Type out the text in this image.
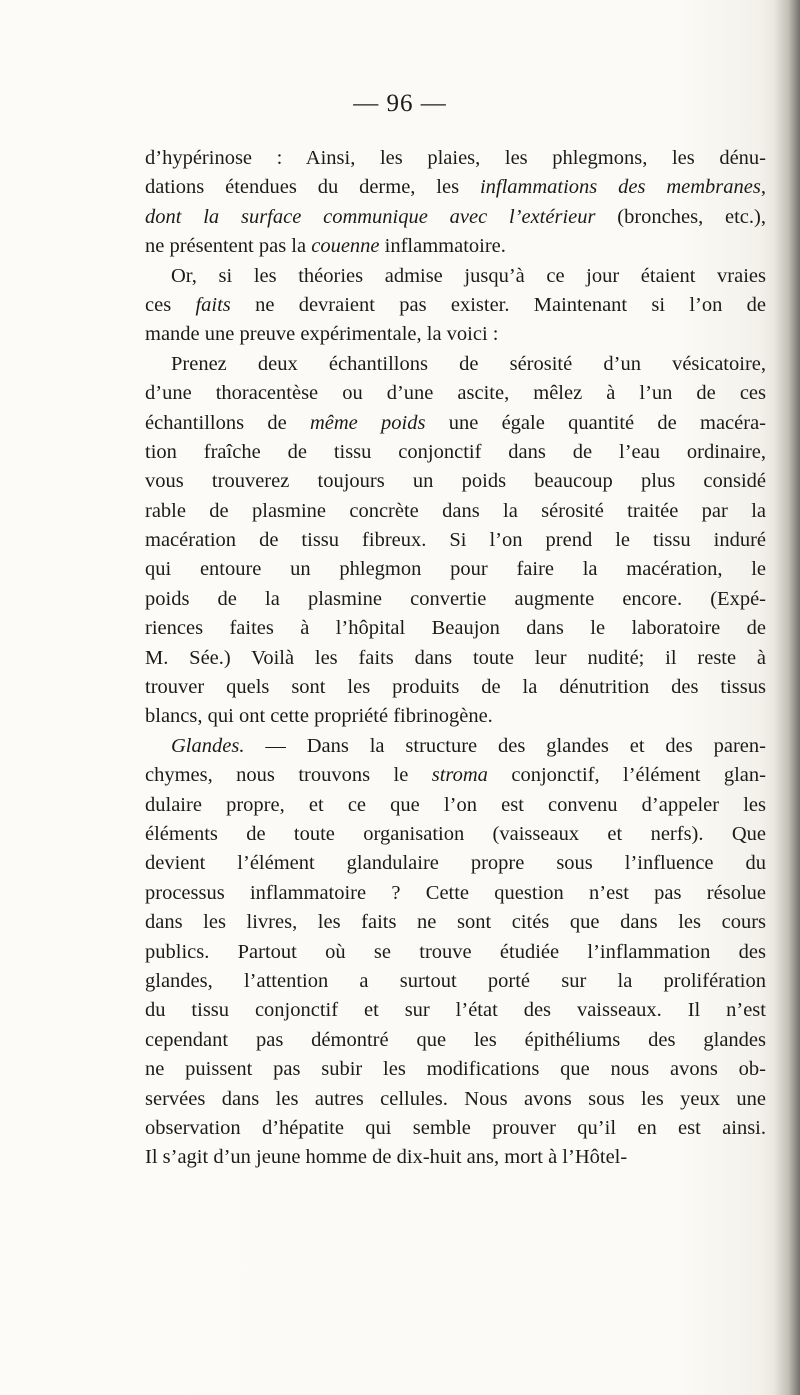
— 96 —
d’hypérinose : Ainsi, les plaies, les phlegmons, les dénu-
dations étendues du derme, les inflammations des membranes,
dont la surface communique avec l’extérieur (bronches, etc.),
ne présentent pas la couenne inflammatoire.
Or, si les théories admise jusqu’à ce jour étaient vraies
ces faits ne devraient pas exister. Maintenant si l’on de
mande une preuve expérimentale, la voici :
Prenez deux échantillons de sérosité d’un vésicatoire,
d’une thoracentèse ou d’une ascite, mêlez à l’un de ces
échantillons de même poids une égale quantité de macéra-
tion fraîche de tissu conjonctif dans de l’eau ordinaire,
vous trouverez toujours un poids beaucoup plus considé
rable de plasmine concrète dans la sérosité traitée par la
macération de tissu fibreux. Si l’on prend le tissu induré
qui entoure un phlegmon pour faire la macération, le
poids de la plasmine convertie augmente encore. (Expé-
riences faites à l’hôpital Beaujon dans le laboratoire de
M. Sée.) Voilà les faits dans toute leur nudité; il reste à
trouver quels sont les produits de la dénutrition des tissus
blancs, qui ont cette propriété fibrinogène.
Glandes. — Dans la structure des glandes et des paren-
chymes, nous trouvons le stroma conjonctif, l’élément glan-
dulaire propre, et ce que l’on est convenu d’appeler les
éléments de toute organisation (vaisseaux et nerfs). Que
devient l’élément glandulaire propre sous l’influence du
processus inflammatoire ? Cette question n’est pas résolue
dans les livres, les faits ne sont cités que dans les cours
publics. Partout où se trouve étudiée l’inflammation des
glandes, l’attention a surtout porté sur la prolifération
du tissu conjonctif et sur l’état des vaisseaux. Il n’est
cependant pas démontré que les épithéliums des glandes
ne puissent pas subir les modifications que nous avons ob-
servées dans les autres cellules. Nous avons sous les yeux une
observation d’hépatite qui semble prouver qu’il en est ainsi.
Il s’agit d’un jeune homme de dix-huit ans, mort à l’Hôtel-
